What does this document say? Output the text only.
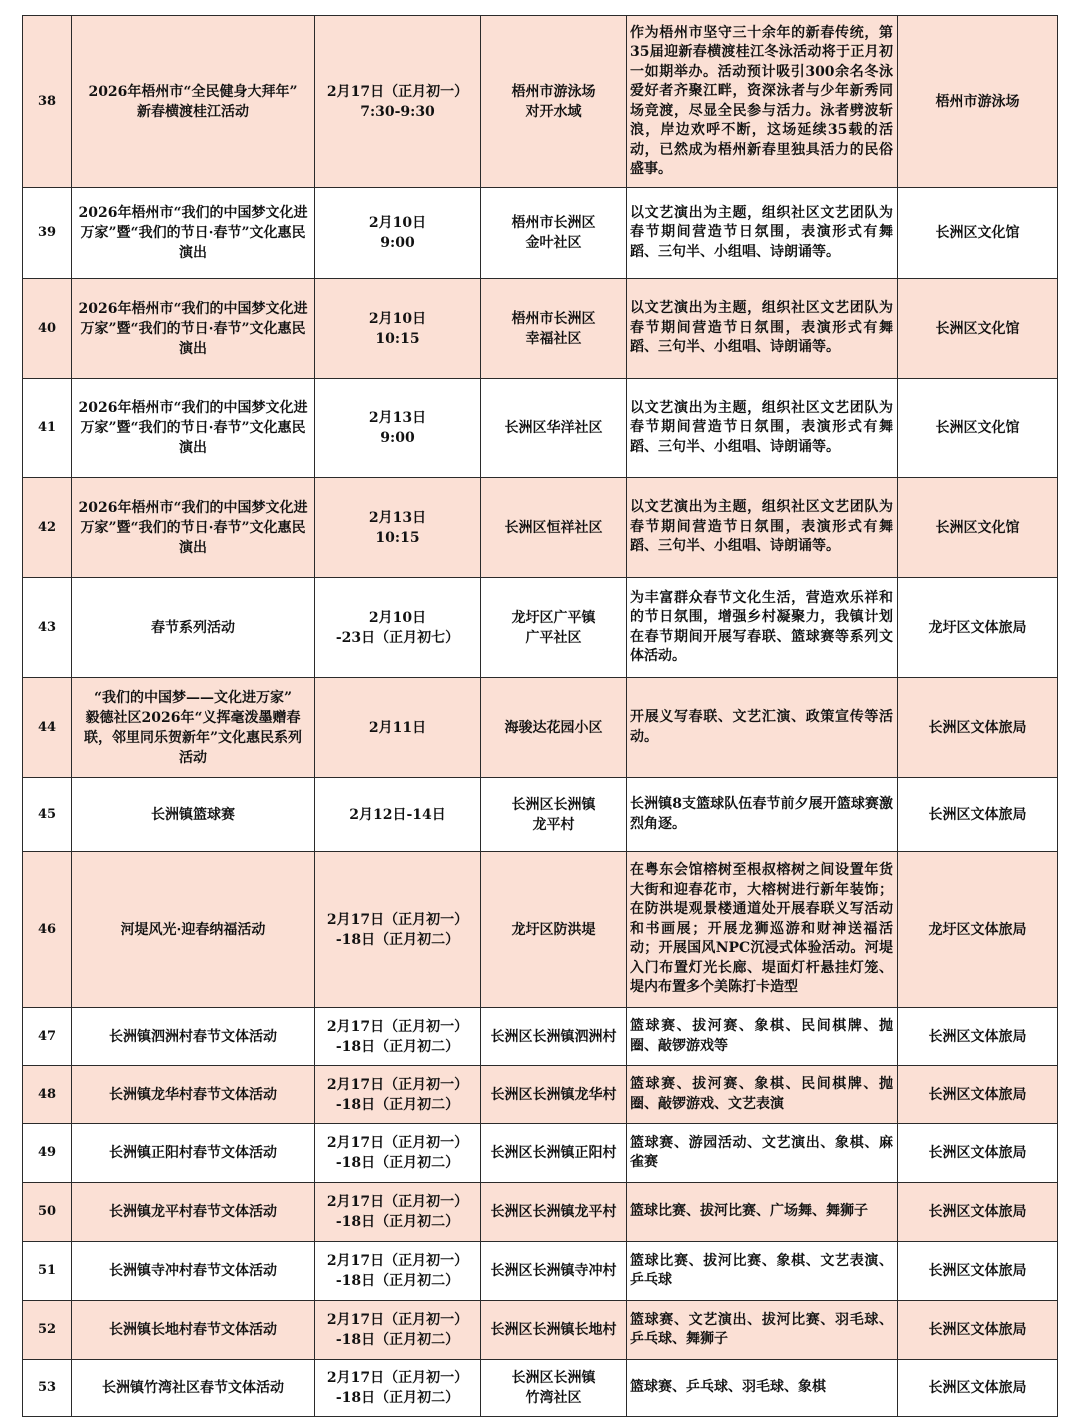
38	2026年梧州市“全民健身大拜年”
新春横渡桂江活动	2月17日（正月初一）
7:30-9:30	梧州市游泳场
对开水域	作为梧州市坚守三十余年的新春传统，第35届迎新春横渡桂江冬泳活动将于正月初一如期举办。活动预计吸引300余名冬泳爱好者齐聚江畔，资深泳者与少年新秀同场竞渡，尽显全民参与活力。泳者劈波斩浪，岸边欢呼不断，这场延续35载的活动，已然成为梧州新春里独具活力的民俗盛事。	梧州市游泳场
39	2026年梧州市“我们的中国梦文化进
万家”暨“我们的节日·春节”文化惠民
演出	2月10日
9:00	梧州市长洲区
金叶社区	以文艺演出为主题，组织社区文艺团队为春节期间营造节日氛围，表演形式有舞蹈、三句半、小组唱、诗朗诵等。	长洲区文化馆
40	2026年梧州市“我们的中国梦文化进
万家”暨“我们的节日·春节”文化惠民
演出	2月10日
10:15	梧州市长洲区
幸福社区	以文艺演出为主题，组织社区文艺团队为春节期间营造节日氛围，表演形式有舞蹈、三句半、小组唱、诗朗诵等。	长洲区文化馆
41	2026年梧州市“我们的中国梦文化进
万家”暨“我们的节日·春节”文化惠民
演出	2月13日
9:00	长洲区华洋社区	以文艺演出为主题，组织社区文艺团队为春节期间营造节日氛围，表演形式有舞蹈、三句半、小组唱、诗朗诵等。	长洲区文化馆
42	2026年梧州市“我们的中国梦文化进
万家”暨“我们的节日·春节”文化惠民
演出	2月13日
10:15	长洲区恒祥社区	以文艺演出为主题，组织社区文艺团队为春节期间营造节日氛围，表演形式有舞蹈、三句半、小组唱、诗朗诵等。	长洲区文化馆
43	春节系列活动	2月10日
-23日（正月初七）	龙圩区广平镇
广平社区	为丰富群众春节文化生活，营造欢乐祥和的节日氛围，增强乡村凝聚力，我镇计划在春节期间开展写春联、篮球赛等系列文体活动。	龙圩区文体旅局
44	“我们的中国梦——文化进万家”
毅德社区2026年“义挥毫泼墨赠春
联，邻里同乐贺新年”文化惠民系列
活动	2月11日	海骏达花园小区	开展义写春联、文艺汇演、政策宣传等活动。	长洲区文体旅局
45	长洲镇篮球赛	2月12日-14日	长洲区长洲镇
龙平村	长洲镇8支篮球队伍春节前夕展开篮球赛激烈角逐。	长洲区文体旅局
46	河堤风光·迎春纳福活动	2月17日（正月初一）
-18日（正月初二）	龙圩区防洪堤	在粤东会馆榕树至根叔榕树之间设置年货大街和迎春花市，大榕树进行新年装饰；在防洪堤观景楼通道处开展春联义写活动和书画展；开展龙狮巡游和财神送福活动；开展国风NPC沉浸式体验活动。河堤入门布置灯光长廊、堤面灯杆悬挂灯笼、堤内布置多个美陈打卡造型	龙圩区文体旅局
47	长洲镇泗洲村春节文体活动	2月17日（正月初一）
-18日（正月初二）	长洲区长洲镇泗洲村	篮球赛、拔河赛、象棋、民间棋牌、抛圈、敲锣游戏等	长洲区文体旅局
48	长洲镇龙华村春节文体活动	2月17日（正月初一）
-18日（正月初二）	长洲区长洲镇龙华村	篮球赛、拔河赛、象棋、民间棋牌、抛圈、敲锣游戏、文艺表演	长洲区文体旅局
49	长洲镇正阳村春节文体活动	2月17日（正月初一）
-18日（正月初二）	长洲区长洲镇正阳村	篮球赛、游园活动、文艺演出、象棋、麻雀赛	长洲区文体旅局
50	长洲镇龙平村春节文体活动	2月17日（正月初一）
-18日（正月初二）	长洲区长洲镇龙平村	篮球比赛、拔河比赛、广场舞、舞狮子	长洲区文体旅局
51	长洲镇寺冲村春节文体活动	2月17日（正月初一）
-18日（正月初二）	长洲区长洲镇寺冲村	篮球比赛、拔河比赛、象棋、文艺表演、乒乓球	长洲区文体旅局
52	长洲镇长地村春节文体活动	2月17日（正月初一）
-18日（正月初二）	长洲区长洲镇长地村	篮球赛、文艺演出、拔河比赛、羽毛球、乒乓球、舞狮子	长洲区文体旅局
53	长洲镇竹湾社区春节文体活动	2月17日（正月初一）
-18日（正月初二）	长洲区长洲镇
竹湾社区	篮球赛、乒乓球、羽毛球、象棋	长洲区文体旅局
